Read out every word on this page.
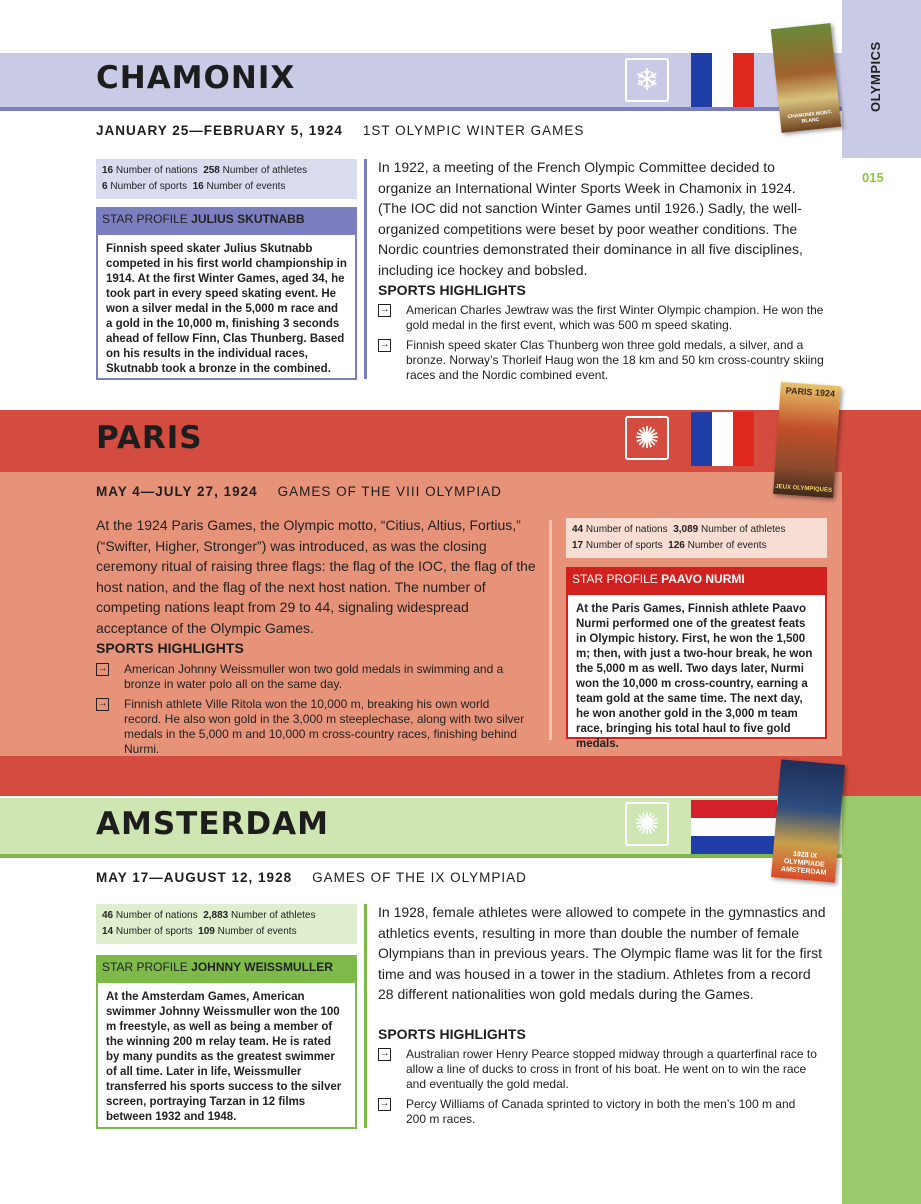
OLYMPICS
015
CHAMONIX	❄
CHAMONIX MONT-BLANC
JANUARY 25—FEBRUARY 5, 1924 1ST OLYMPIC WINTER GAMES
16 Number of nations 258 Number of athletes
6 Number of sports 16 Number of events
STAR PROFILE JULIUS SKUTNABB
Finnish speed skater Julius Skutnabb competed in his first world championship in 1914. At the first Winter Games, aged 34, he took part in every speed skating event. He won a silver medal in the 5,000 m race and a gold in the 10,000 m, finishing 3 seconds ahead of fellow Finn, Clas Thunberg. Based on his results in the individual races, Skutnabb took a bronze in the combined.
In 1922, a meeting of the French Olympic Committee decided to organize an International Winter Sports Week in Chamonix in 1924. (The IOC did not sanction Winter Games until 1926.) Sadly, the well-organized competitions were beset by poor weather conditions. The Nordic countries demonstrated their dominance in all five disciplines, including ice hockey and bobsled.
SPORTS HIGHLIGHTS
→ American Charles Jewtraw was the first Winter Olympic champion. He won the gold medal in the first event, which was 500 m speed skating.
→ Finnish speed skater Clas Thunberg won three gold medals, a silver, and a bronze. Norway’s Thorleif Haug won the 18 km and 50 km cross-country skiing races and the Nordic combined event.
PARIS	✺
PARIS 1924
JEUX OLYMPIQUES
MAY 4—JULY 27, 1924 GAMES OF THE VIII OLYMPIAD
At the 1924 Paris Games, the Olympic motto, “Citius, Altius, Fortius,” (“Swifter, Higher, Stronger”) was introduced, as was the closing ceremony ritual of raising three flags: the flag of the IOC, the flag of the host nation, and the flag of the next host nation. The number of competing nations leapt from 29 to 44, signaling widespread acceptance of the Olympic Games.
SPORTS HIGHLIGHTS
→ American Johnny Weissmuller won two gold medals in swimming and a bronze in water polo all on the same day.
→ Finnish athlete Ville Ritola won the 10,000 m, breaking his own world record. He also won gold in the 3,000 m steeplechase, along with two silver medals in the 5,000 m and 10,000 m cross-country races, finishing behind Nurmi.
44 Number of nations 3,089 Number of athletes
17 Number of sports 126 Number of events
STAR PROFILE PAAVO NURMI
At the Paris Games, Finnish athlete Paavo Nurmi performed one of the greatest feats in Olympic history. First, he won the 1,500 m; then, with just a two-hour break, he won the 5,000 m as well. Two days later, Nurmi won the 10,000 m cross-country, earning a team gold at the same time. The next day, he won another gold in the 3,000 m team race, bringing his total haul to five gold medals.
AMSTERDAM	✺
1928 IX OLYMPIADE AMSTERDAM
MAY 17—AUGUST 12, 1928 GAMES OF THE IX OLYMPIAD
46 Number of nations 2,883 Number of athletes
14 Number of sports 109 Number of events
STAR PROFILE JOHNNY WEISSMULLER
At the Amsterdam Games, American swimmer Johnny Weissmuller won the 100 m freestyle, as well as being a member of the winning 200 m relay team. He is rated by many pundits as the greatest swimmer of all time. Later in life, Weissmuller transferred his sports success to the silver screen, portraying Tarzan in 12 films between 1932 and 1948.
In 1928, female athletes were allowed to compete in the gymnastics and athletics events, resulting in more than double the number of female Olympians than in previous years. The Olympic flame was lit for the first time and was housed in a tower in the stadium. Athletes from a record 28 different nationalities won gold medals during the Games.
SPORTS HIGHLIGHTS
→ Australian rower Henry Pearce stopped midway through a quarterfinal race to allow a line of ducks to cross in front of his boat. He went on to win the race and eventually the gold medal.
→ Percy Williams of Canada sprinted to victory in both the men’s 100 m and 200 m races.
